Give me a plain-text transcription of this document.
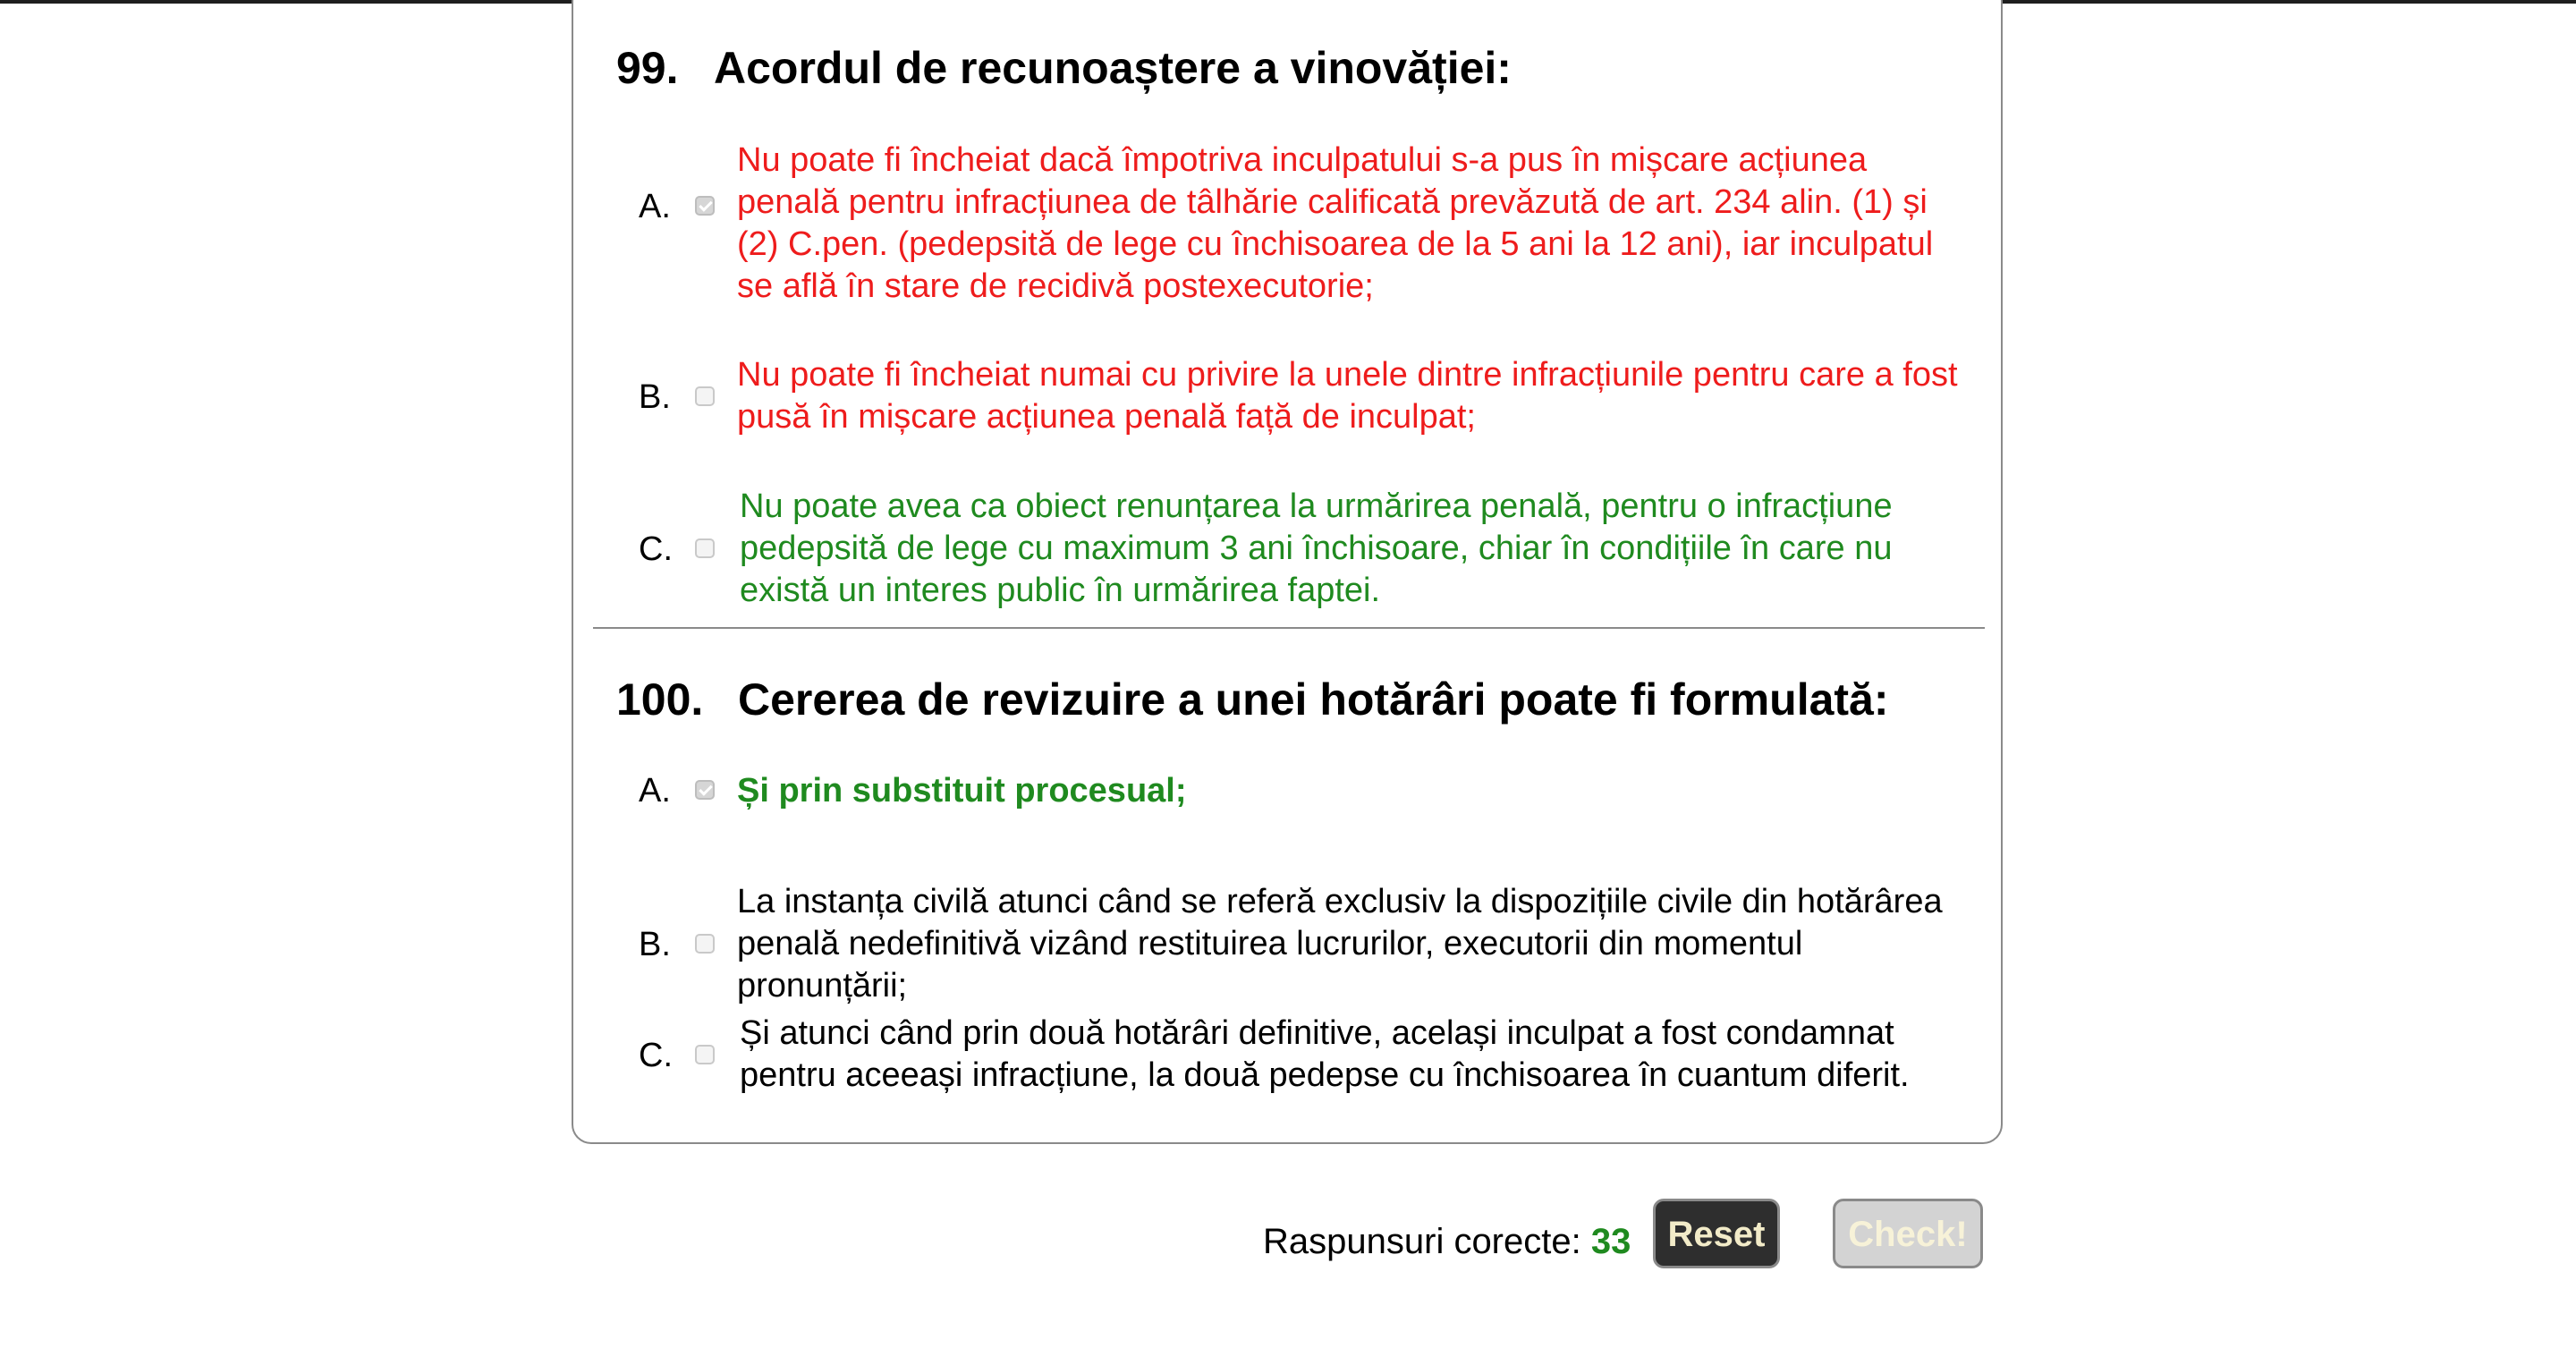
99. Acordul de recunoaștere a vinovăției:
A.

Nu poate fi încheiat dacă împotriva inculpatului s-a pus în mișcare acțiunea penală pentru infracțiunea de tâlhărie calificată prevăzută de art. 234 alin. (1) și (2) C.pen. (pedepsită de lege cu închisoarea de la 5 ani la 12 ani), iar inculpatul se află în stare de recidivă postexecutorie;

B.

Nu poate fi încheiat numai cu privire la unele dintre infracțiunile pentru care a fost pusă în mișcare acțiunea penală față de inculpat;

C.

Nu poate avea ca obiect renunțarea la urmărirea penală, pentru o infracțiune pedepsită de lege cu maximum 3 ani închisoare, chiar în condițiile în care nu există un interes public în urmărirea faptei.

100. Cererea de revizuire a unei hotărâri poate fi formulată:
A. Și prin substituit procesual;

B.

La instanța civilă atunci când se referă exclusiv la dispozițiile civile din hotărârea penală nedefinitivă vizând restituirea lucrurilor, executorii din momentul pronunțării;

C.

Și atunci când prin două hotărâri definitive, același inculpat a fost condamnat pentru aceeași infracțiune, la două pedepse cu închisoarea în cuantum diferit.

Raspunsuri corecte: 33	Reset	Check!
